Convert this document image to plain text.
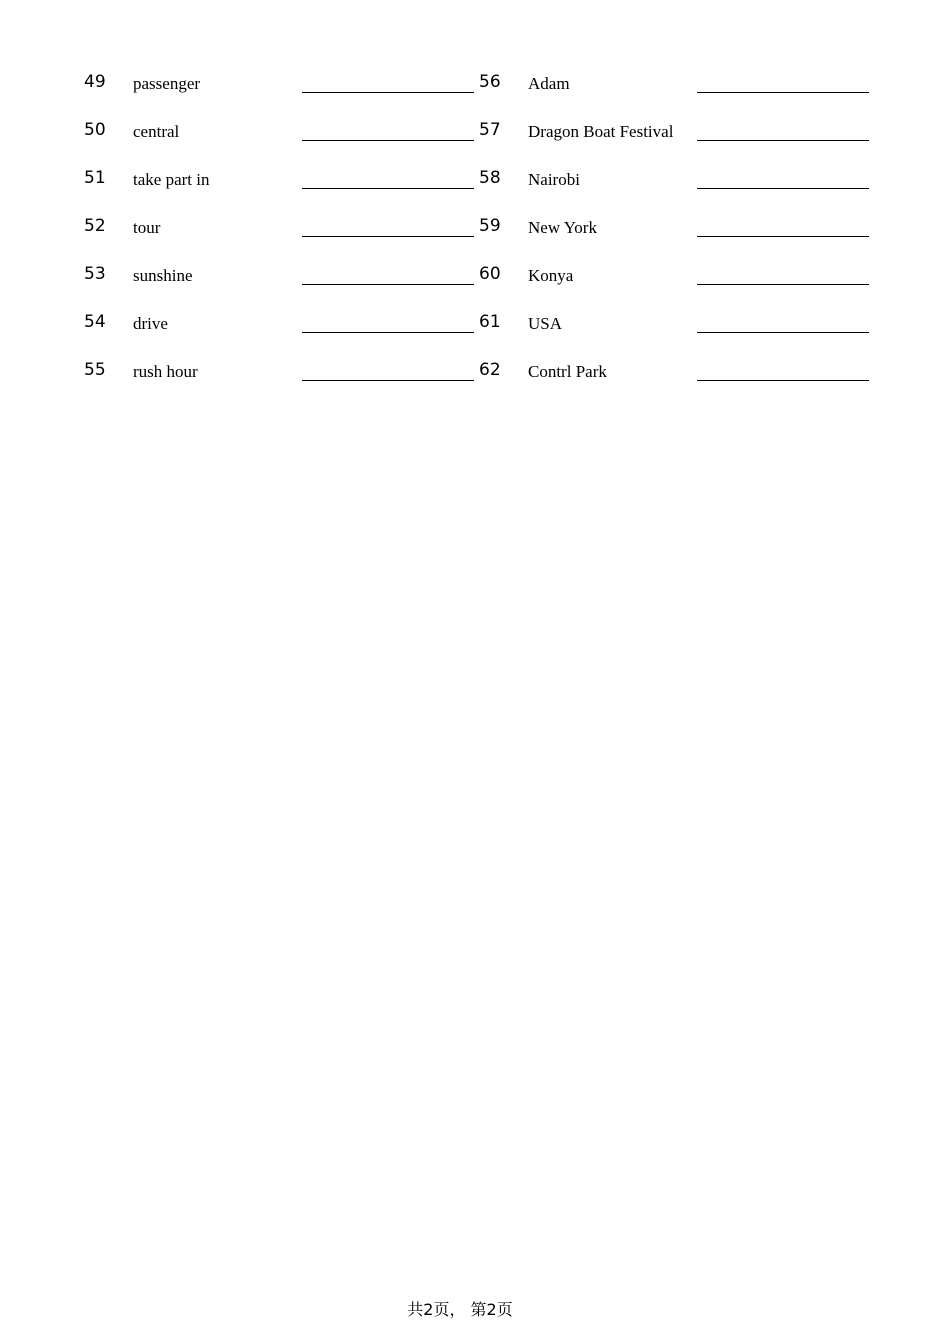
49 passenger
50 central
51 take part in
52 tour
53 sunshine
54 drive
55 rush hour
56 Adam
57 Dragon Boat Festival
58 Nairobi
59 New York
60 Konya
61 USA
62 Contrl Park
共2页， 第2页
